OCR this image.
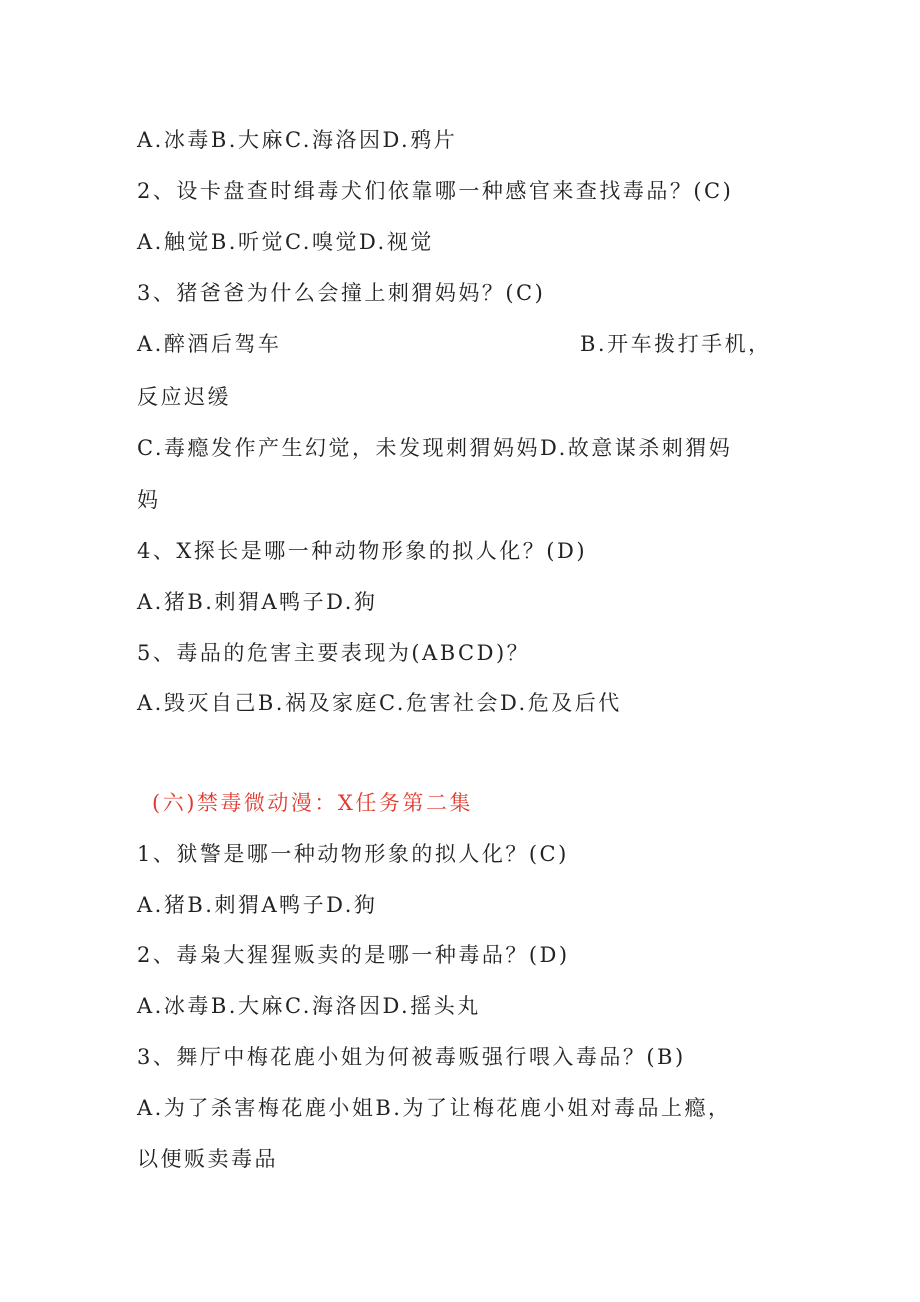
A.冰毒B.大麻C.海洛因D.鸦片
2、设卡盘查时缉毒犬们依靠哪一种感官来查找毒品？(C)
A.触觉B.听觉C.嗅觉D.视觉
3、猪爸爸为什么会撞上刺猬妈妈？(C)
A.醉酒后驾车	B.开车拨打手机，
反应迟缓
C.毒瘾发作产生幻觉，未发现刺猬妈妈D.故意谋杀刺猬妈
妈
4、X探长是哪一种动物形象的拟人化？(D)
A.猪B.刺猬A鸭子D.狗
5、毒品的危害主要表现为(ABCD)？
A.毁灭自己B.祸及家庭C.危害社会D.危及后代
(六)禁毒微动漫：X任务第二集
1、狱警是哪一种动物形象的拟人化？(C)
A.猪B.刺猬A鸭子D.狗
2、毒枭大猩猩贩卖的是哪一种毒品？(D)
A.冰毒B.大麻C.海洛因D.摇头丸
3、舞厅中梅花鹿小姐为何被毒贩强行喂入毒品？(B)
A.为了杀害梅花鹿小姐B.为了让梅花鹿小姐对毒品上瘾，
以便贩卖毒品
